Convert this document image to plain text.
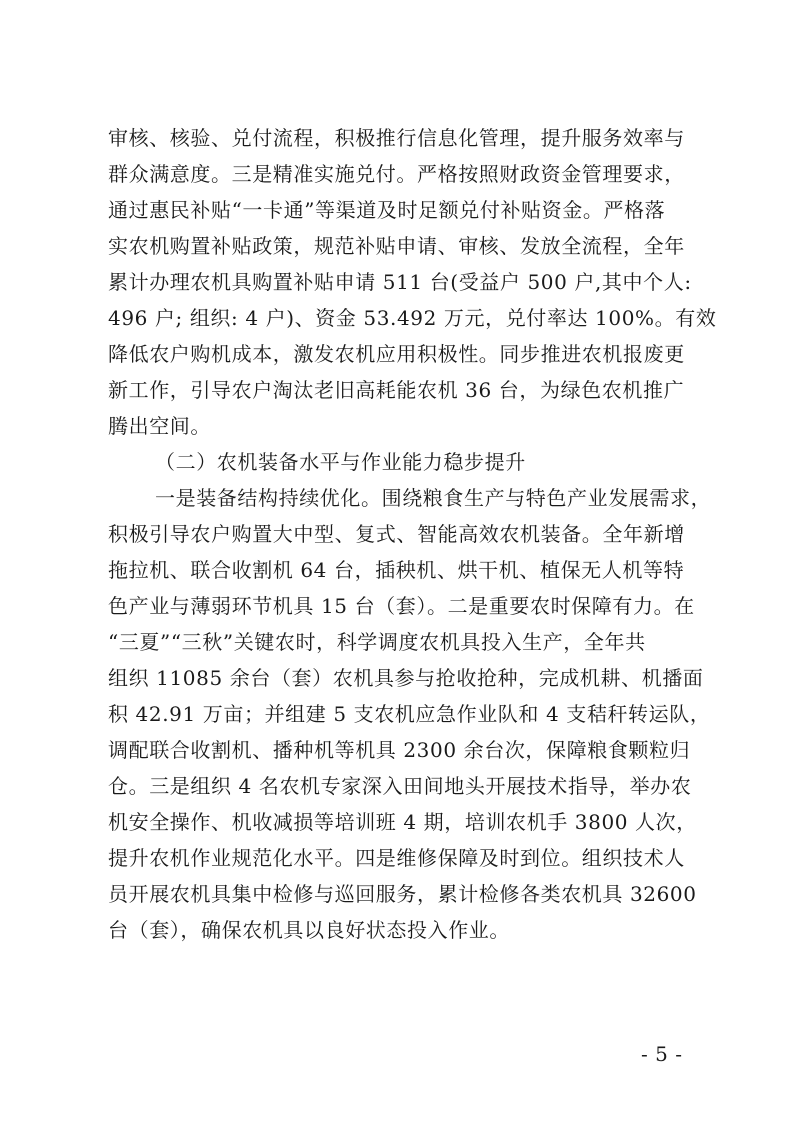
审核、核验、兑付流程，积极推行信息化管理，提升服务效率与
群众满意度。三是精准实施兑付。严格按照财政资金管理要求，
通过惠民补贴“一卡通”等渠道及时足额兑付补贴资金。严格落
实农机购置补贴政策，规范补贴申请、审核、发放全流程，全年
累计办理农机具购置补贴申请 511 台(受益户 500 户,其中个人:
496 户; 组织: 4 户)、资金 53.492 万元，兑付率达 100%。有效
降低农户购机成本，激发农机应用积极性。同步推进农机报废更
新工作，引导农户淘汰老旧高耗能农机 36 台，为绿色农机推广
腾出空间。
（二）农机装备水平与作业能力稳步提升
一是装备结构持续优化。围绕粮食生产与特色产业发展需求，
积极引导农户购置大中型、复式、智能高效农机装备。全年新增
拖拉机、联合收割机 64 台，插秧机、烘干机、植保无人机等特
色产业与薄弱环节机具 15 台（套）。二是重要农时保障有力。在
“三夏”“三秋”关键农时，科学调度农机具投入生产，全年共
组织 11085 余台（套）农机具参与抢收抢种，完成机耕、机播面
积 42.91 万亩；并组建 5 支农机应急作业队和 4 支秸秆转运队，
调配联合收割机、播种机等机具 2300 余台次，保障粮食颗粒归
仓。三是组织 4 名农机专家深入田间地头开展技术指导，举办农
机安全操作、机收减损等培训班 4 期，培训农机手 3800 人次，
提升农机作业规范化水平。四是维修保障及时到位。组织技术人
员开展农机具集中检修与巡回服务，累计检修各类农机具 32600
台（套），确保农机具以良好状态投入作业。
- 5 -
